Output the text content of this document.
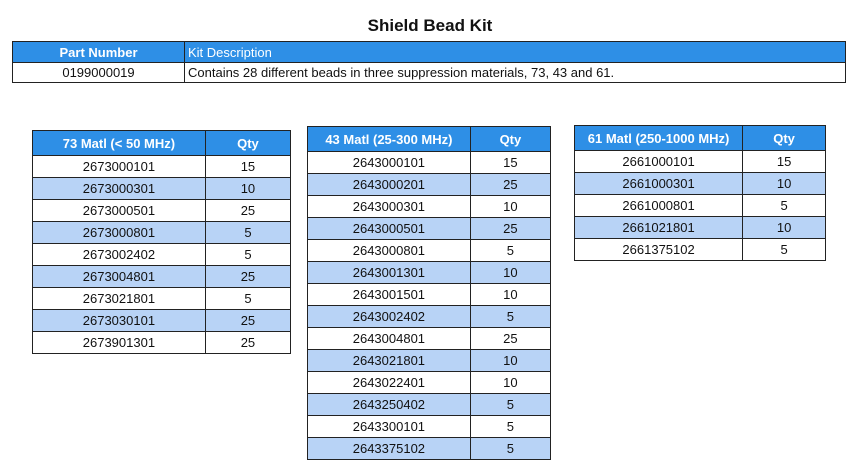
Shield Bead Kit
Part Number	Kit Description
0199000019	Contains 28 different beads in three suppression materials, 73, 43 and 61.
73 Matl (< 50 MHz)	Qty
2673000101	15
2673000301	10
2673000501	25
2673000801	5
2673002402	5
2673004801	25
2673021801	5
2673030101	25
2673901301	25
43 Matl (25-300 MHz)	Qty
2643000101	15
2643000201	25
2643000301	10
2643000501	25
2643000801	5
2643001301	10
2643001501	10
2643002402	5
2643004801	25
2643021801	10
2643022401	10
2643250402	5
2643300101	5
2643375102	5
61 Matl (250-1000 MHz)	Qty
2661000101	15
2661000301	10
2661000801	5
2661021801	10
2661375102	5
